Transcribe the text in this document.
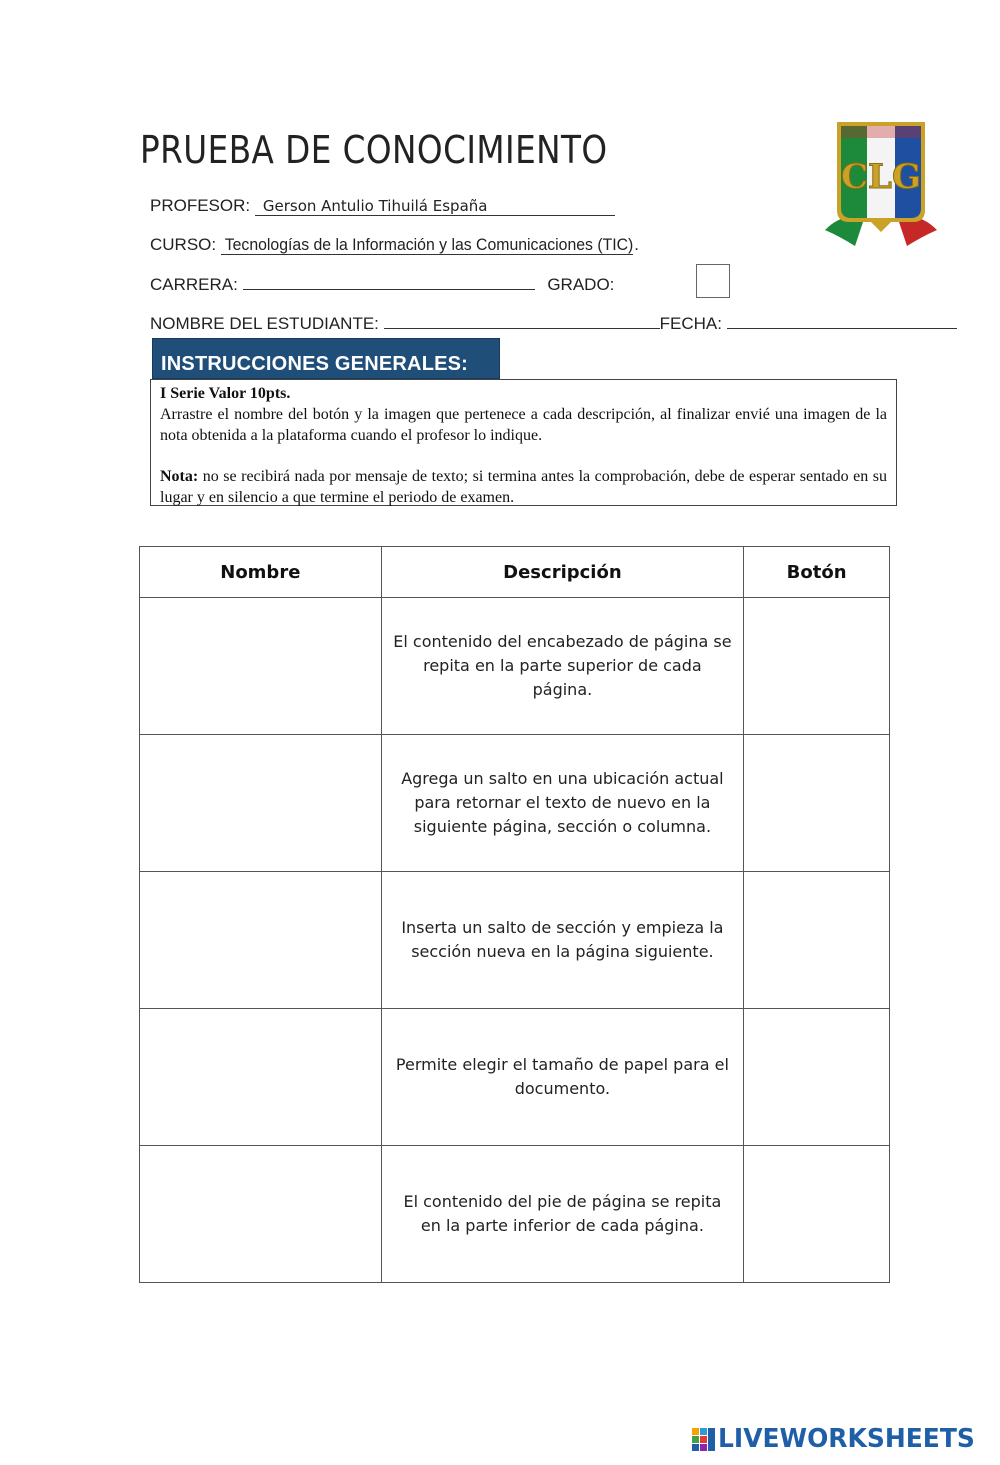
PRUEBA DE CONOCIMIENTO
PROFESOR: Gerson Antulio Tihuilá España
CURSO: Tecnologías de la Información y las Comunicaciones (TIC).
CARRERA:	GRADO:
NOMBRE DEL ESTUDIANTE:	FECHA:
CLG
INSTRUCCIONES GENERALES:

I Serie Valor 10pts.

Arrastre el nombre del botón y la imagen que pertenece a cada descripción, al finalizar envié una imagen de la nota obtenida a la plataforma cuando el profesor lo indique.

Nota: no se recibirá nada por mensaje de texto; si termina antes la comprobación, debe de esperar sentado en su lugar y en silencio a que termine el periodo de examen.

Nombre	Descripción	Botón
	El contenido del encabezado de página se repita en la parte superior de cada página.	
	Agrega un salto en una ubicación actual para retornar el texto de nuevo en la siguiente página, sección o columna.	
	Inserta un salto de sección y empieza la sección nueva en la página siguiente.	
	Permite elegir el tamaño de papel para el documento.	
	El contenido del pie de página se repita en la parte inferior de cada página.	
LIVEWORKSHEETS
